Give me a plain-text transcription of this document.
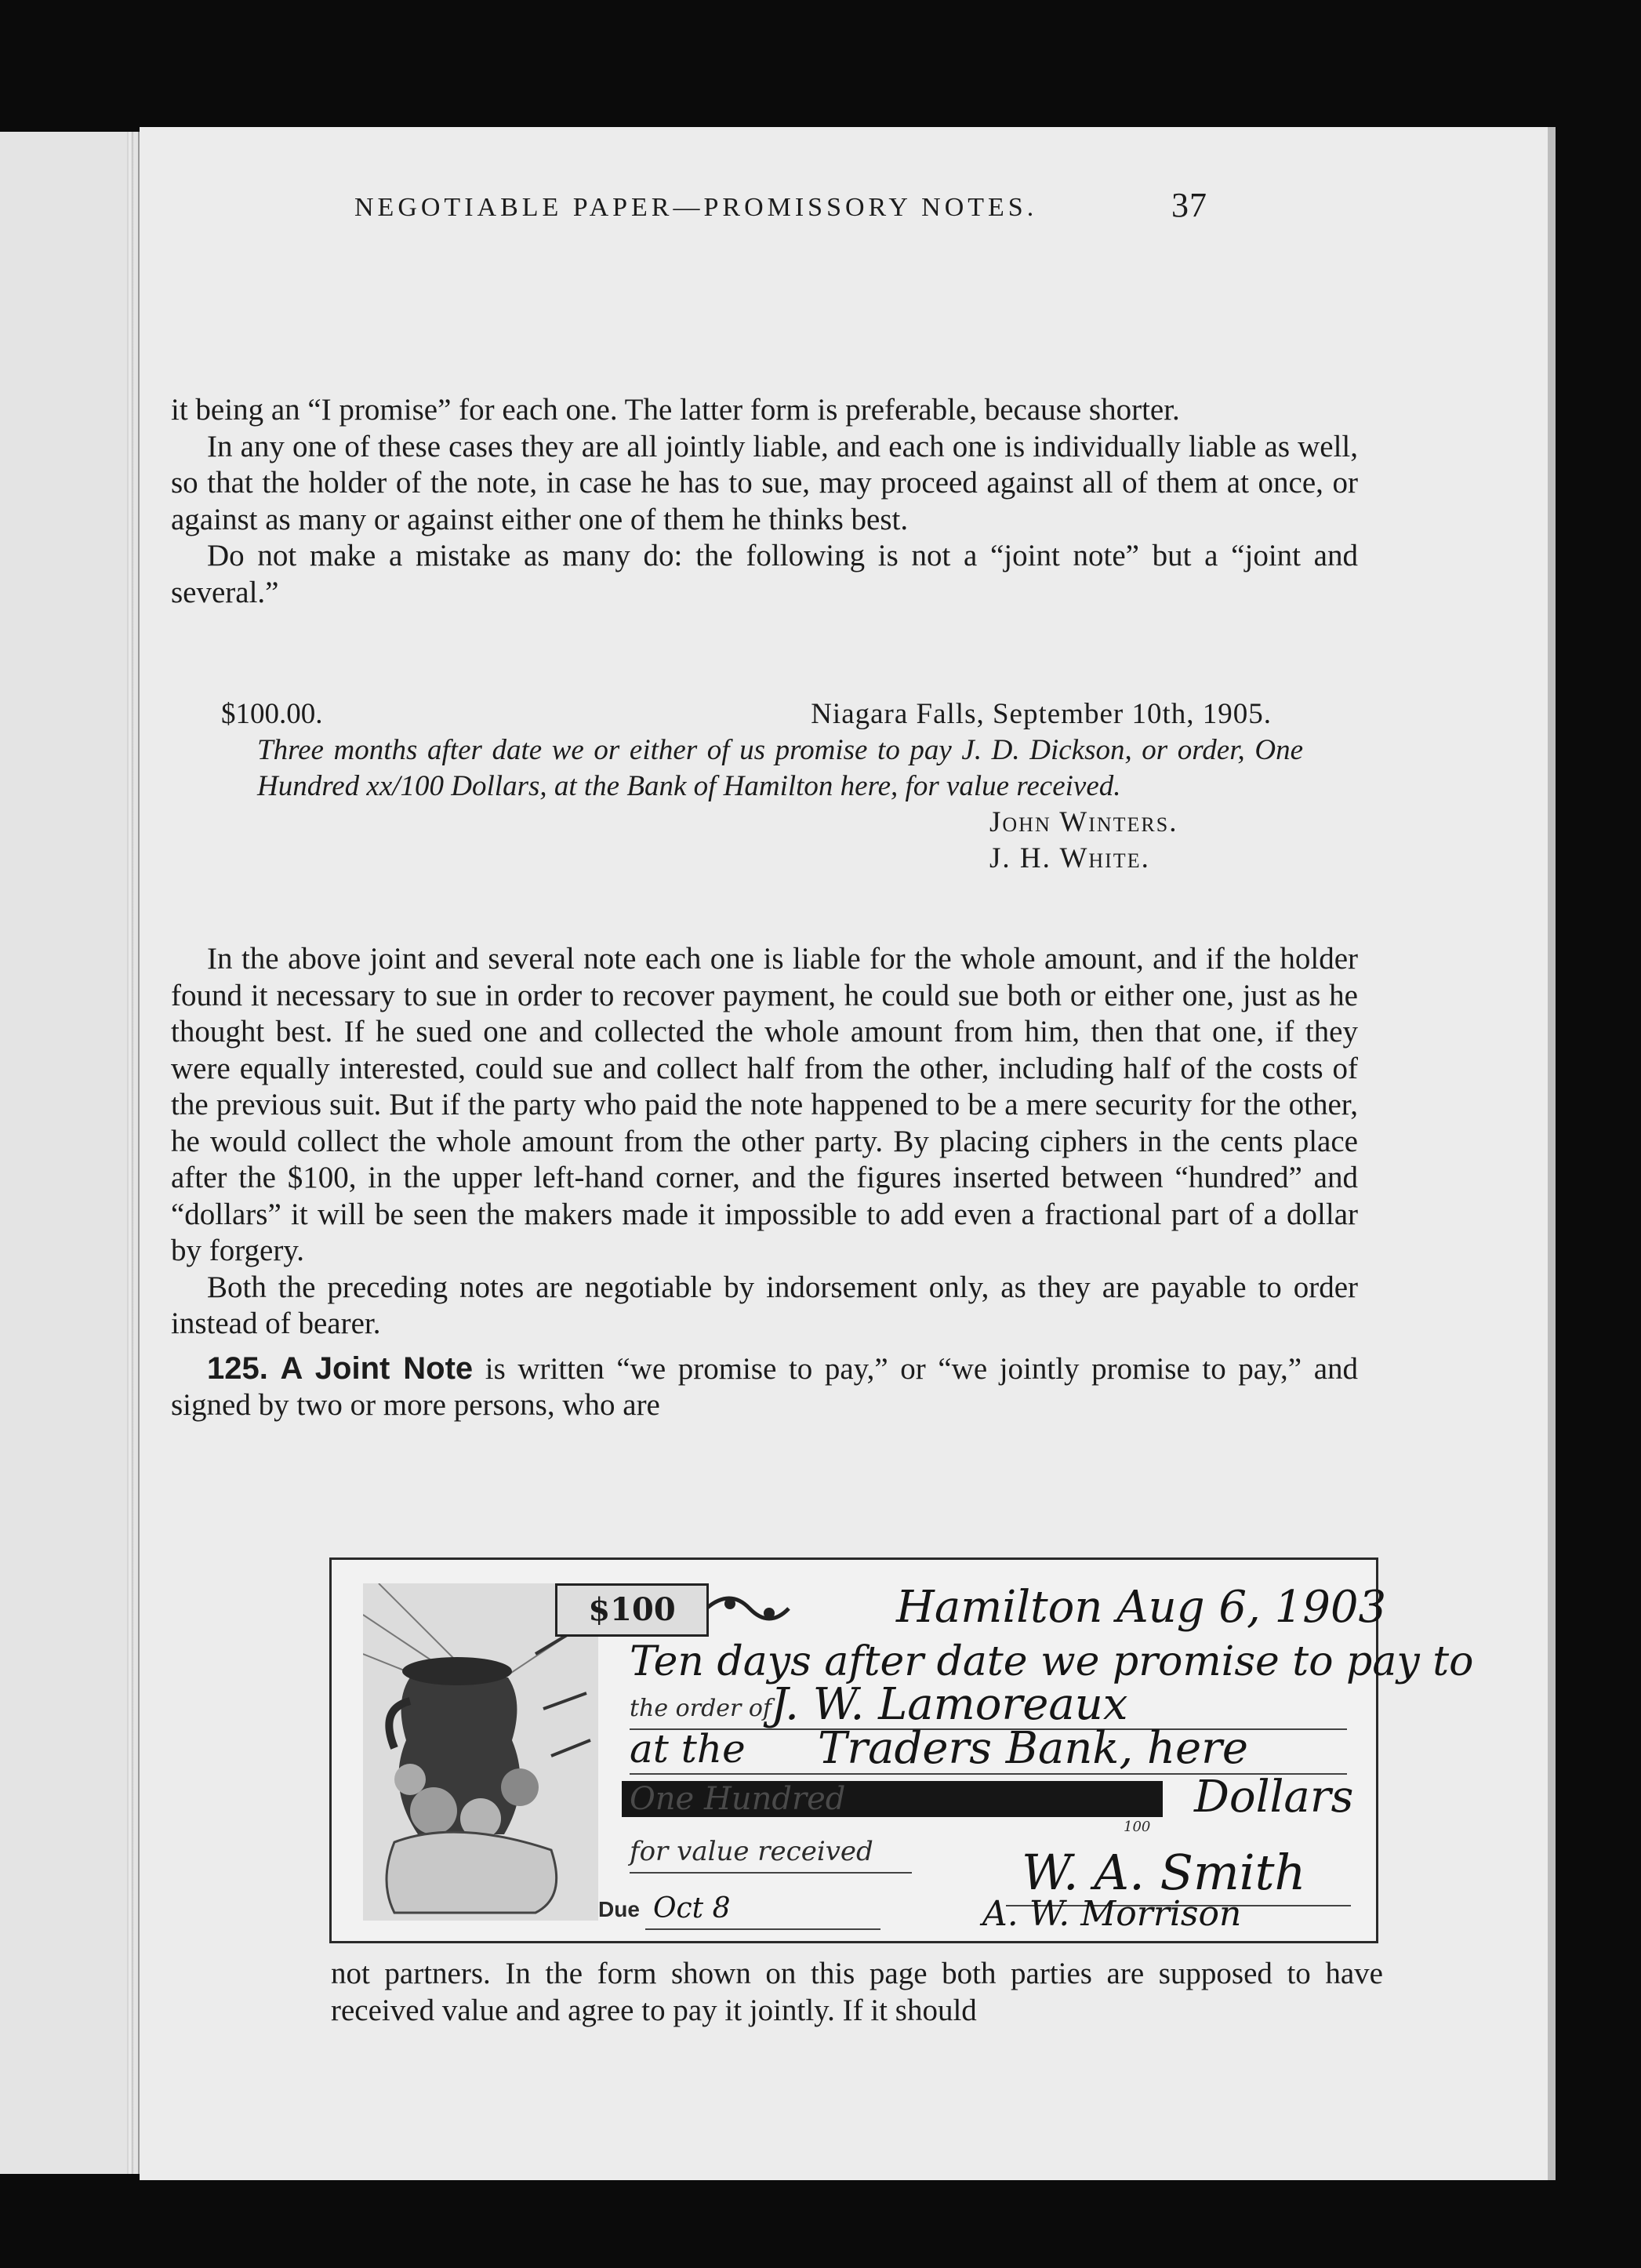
NEGOTIABLE PAPER—PROMISSORY NOTES.	37

it being an “I promise” for each one. The latter form is preferable, because shorter.

In any one of these cases they are all jointly liable, and each one is individually liable as well, so that the holder of the note, in case he has to sue, may proceed against all of them at once, or against as many or against either one of them he thinks best.

Do not make a mistake as many do: the following is not a “joint note” but a “joint and several.”

$100.00.	Niagara Falls, September 10th, 1905.

Three months after date we or either of us promise to pay J. D. Dickson, or order, One Hundred xx/100 Dollars, at the Bank of Hamilton here, for value received.

John Winters.

J. H. White.

In the above joint and several note each one is liable for the whole amount, and if the holder found it necessary to sue in order to recover payment, he could sue both or either one, just as he thought best. If he sued one and collected the whole amount from him, then that one, if they were equally interested, could sue and collect half from the other, including half of the costs of the previous suit. But if the party who paid the note happened to be a mere security for the other, he would collect the whole amount from the other party. By placing ciphers in the cents place after the $100, in the upper left-hand corner, and the figures inserted between “hundred” and “dollars” it will be seen the makers made it impossible to add even a fractional part of a dollar by forgery.

Both the preceding notes are negotiable by indorsement only, as they are payable to order instead of bearer.

125. A Joint Note is written “we promise to pay,” or “we jointly promise to pay,” and signed by two or more persons, who are

$100	Hamilton Aug 6, 1903
Ten days after date we promise to pay to
the order of
J. W. Lamoreaux
at the Traders Bank, here
One Hundred	Dollars
100
for value received	W. A. Smith
Due Oct 8	A. W. Morrison

not partners. In the form shown on this page both parties are supposed to have received value and agree to pay it jointly. If it should
